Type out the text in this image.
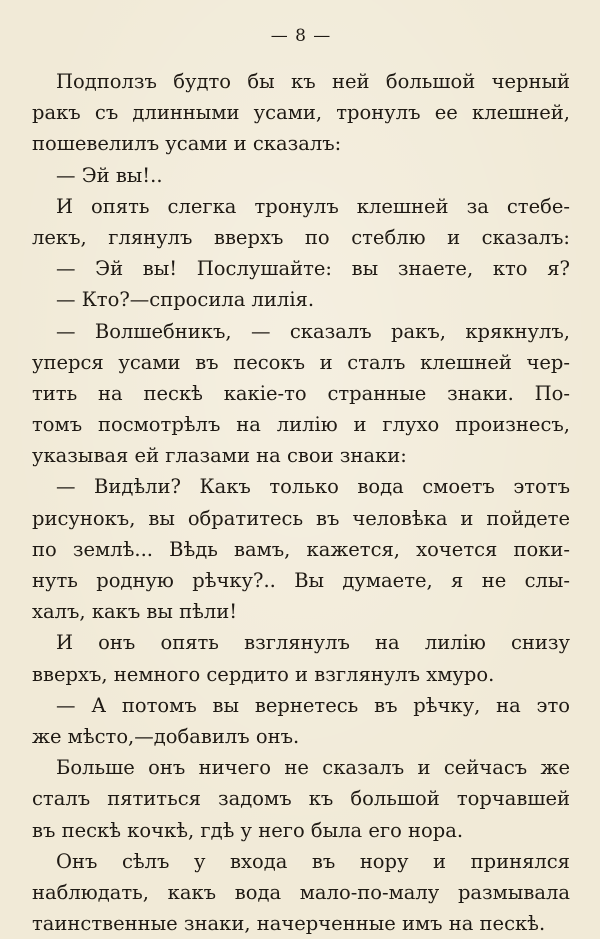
— 8 —
Подползъ будто бы къ ней большой черный
ракъ съ длинными усами, тронулъ ее клешней,
пошевелилъ усами и сказалъ:
— Эй вы!..
И опять слегка тронулъ клешней за стебе-
лекъ, глянулъ вверхъ по стеблю и сказалъ:
— Эй вы! Послушайте: вы знаете, кто я?
— Кто?—спросила лилія.
— Волшебникъ, — сказалъ ракъ, крякнулъ,
уперся усами въ песокъ и сталъ клешней чер-
тить на пескѣ какіе-то странные знаки. По-
томъ посмотрѣлъ на лилію и глухо произнесъ,
указывая ей глазами на свои знаки:
— Видѣли? Какъ только вода смоетъ этотъ
рисунокъ, вы обратитесь въ человѣка и пойдете
по землѣ... Вѣдь вамъ, кажется, хочется поки-
нуть родную рѣчку?.. Вы думаете, я не слы-
халъ, какъ вы пѣли!
И онъ опять взглянулъ на лилію снизу
вверхъ, немного сердито и взглянулъ хмуро.
— А потомъ вы вернетесь въ рѣчку, на это
же мѣсто,—добавилъ онъ.
Больше онъ ничего не сказалъ и сейчасъ же
сталъ пятиться задомъ къ большой торчавшей
въ пескѣ кочкѣ, гдѣ у него была его нора.
Онъ сѣлъ у входа въ нору и принялся
наблюдать, какъ вода мало-по-малу размывала
таинственные знаки, начерченные имъ на пескѣ.
